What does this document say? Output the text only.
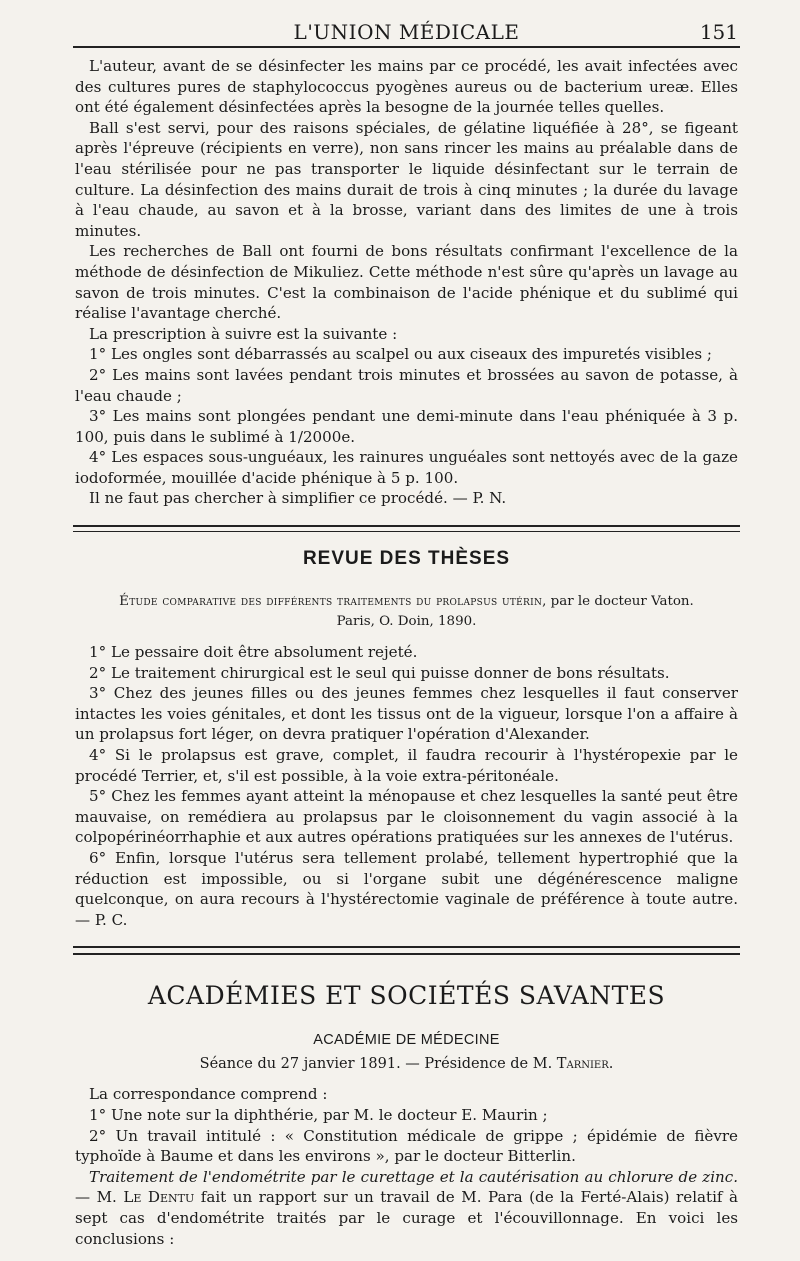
L'UNION MÉDICALE	151

L'auteur, avant de se désinfecter les mains par ce procédé, les avait infectées avec des cultures pures de staphylococcus pyogènes aureus ou de bacterium ureæ. Elles ont été également désinfectées après la besogne de la journée telles quelles.

Ball s'est servi, pour des raisons spéciales, de gélatine liquéfiée à 28°, se figeant après l'épreuve (récipients en verre), non sans rincer les mains au préalable dans de l'eau stérilisée pour ne pas transporter le liquide désinfectant sur le terrain de culture. La désinfection des mains durait de trois à cinq minutes ; la durée du lavage à l'eau chaude, au savon et à la brosse, variant dans des limites de une à trois minutes.

Les recherches de Ball ont fourni de bons résultats confirmant l'excellence de la méthode de désinfection de Mikuliez. Cette méthode n'est sûre qu'après un lavage au savon de trois minutes. C'est la combinaison de l'acide phénique et du sublimé qui réalise l'avantage cherché.

La prescription à suivre est la suivante :

1° Les ongles sont débarrassés au scalpel ou aux ciseaux des impuretés visibles ;

2° Les mains sont lavées pendant trois minutes et brossées au savon de potasse, à l'eau chaude ;

3° Les mains sont plongées pendant une demi-minute dans l'eau phéniquée à 3 p. 100, puis dans le sublimé à 1/2000e.

4° Les espaces sous-unguéaux, les rainures unguéales sont nettoyés avec de la gaze iodoformée, mouillée d'acide phénique à 5 p. 100.

Il ne faut pas chercher à simplifier ce procédé. — P. N.

REVUE DES THÈSES
Étude comparative des différents traitements du prolapsus utérin, par le docteur Vaton.
Paris, O. Doin, 1890.

1° Le pessaire doit être absolument rejeté.

2° Le traitement chirurgical est le seul qui puisse donner de bons résultats.

3° Chez des jeunes filles ou des jeunes femmes chez lesquelles il faut conserver intactes les voies génitales, et dont les tissus ont de la vigueur, lorsque l'on a affaire à un prolapsus fort léger, on devra pratiquer l'opération d'Alexander.

4° Si le prolapsus est grave, complet, il faudra recourir à l'hystéropexie par le procédé Terrier, et, s'il est possible, à la voie extra-péritonéale.

5° Chez les femmes ayant atteint la ménopause et chez lesquelles la santé peut être mauvaise, on remédiera au prolapsus par le cloisonnement du vagin associé à la colpopérinéorrhaphie et aux autres opérations pratiquées sur les annexes de l'utérus.

6° Enfin, lorsque l'utérus sera tellement prolabé, tellement hypertrophié que la réduction est impossible, ou si l'organe subit une dégénérescence maligne quelconque, on aura recours à l'hystérectomie vaginale de préférence à toute autre. — P. C.

ACADÉMIES ET SOCIÉTÉS SAVANTES
ACADÉMIE DE MÉDECINE
Séance du 27 janvier 1891. — Présidence de M. Tarnier.

La correspondance comprend :

1° Une note sur la diphthérie, par M. le docteur E. Maurin ;

2° Un travail intitulé : « Constitution médicale de grippe ; épidémie de fièvre typhoïde à Baume et dans les environs », par le docteur Bitterlin.

Traitement de l'endométrite par le curettage et la cautérisation au chlorure de zinc. — M. Le Dentu fait un rapport sur un travail de M. Para (de la Ferté-Alais) relatif à sept cas d'endométrite traités par le curage et l'écouvillonnage. En voici les conclusions :
